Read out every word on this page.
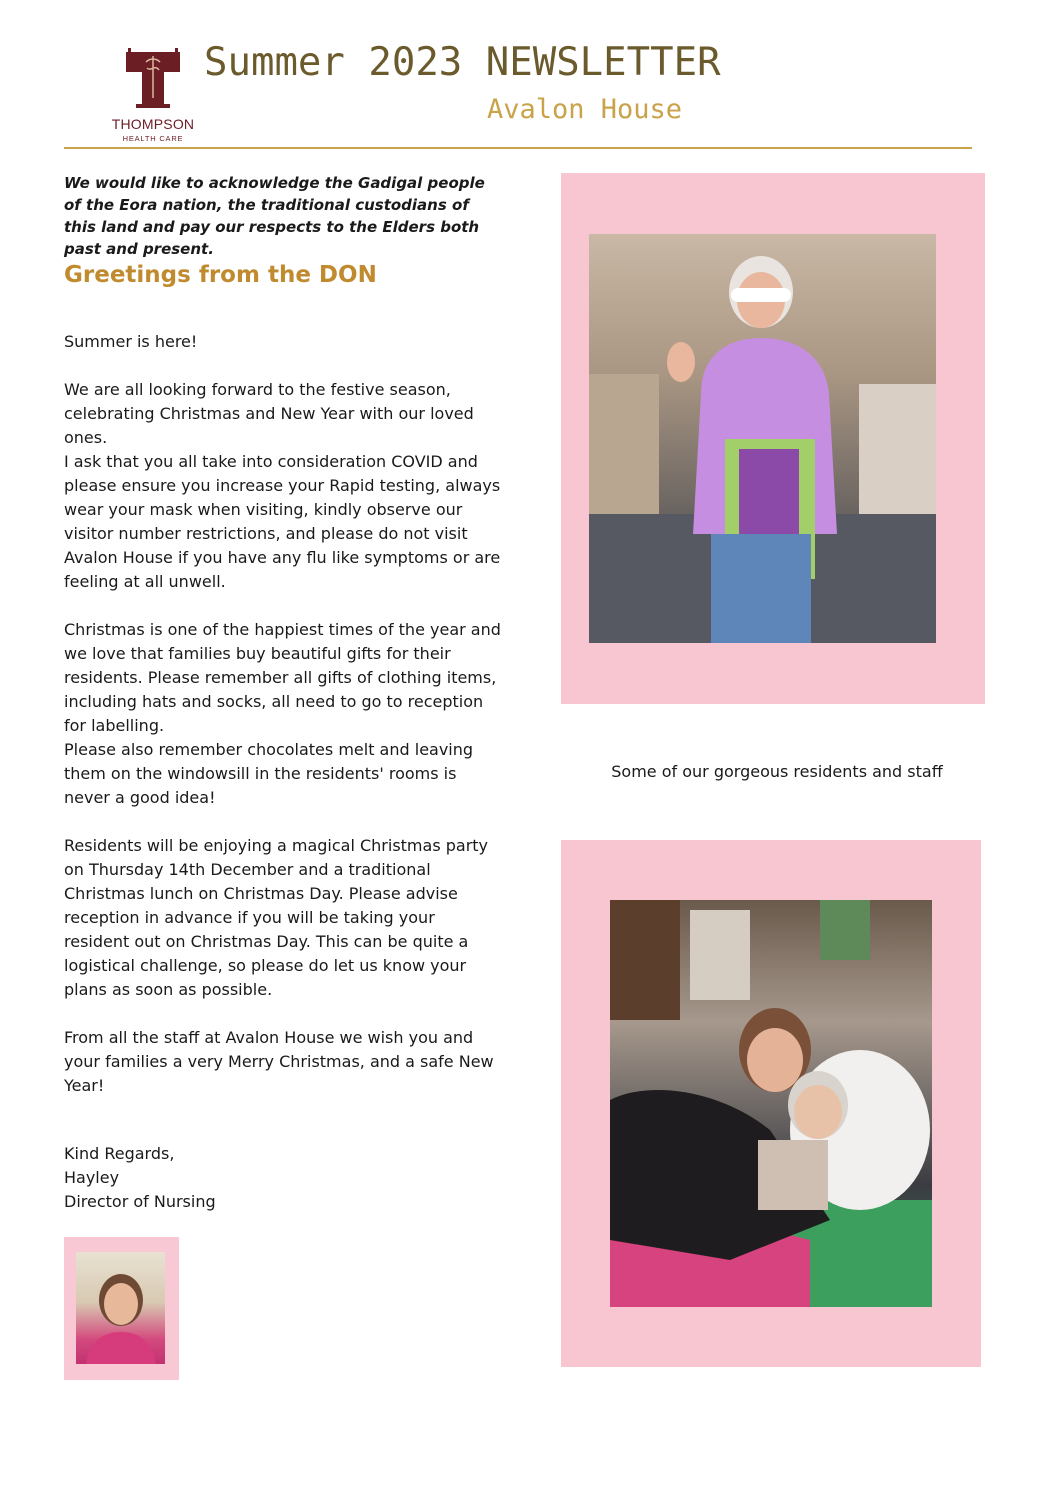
THOMPSON
HEALTH CARE
Summer 2023 NEWSLETTER
Avalon House

We would like to acknowledge the Gadigal people of the Eora nation, the traditional custodians of this land and pay our respects to the Elders both past and present.

Greetings from the DON

Summer is here!

We are all looking forward to the festive season, celebrating Christmas and New Year with our loved ones.
I ask that you all take into consideration COVID and please ensure you increase your Rapid testing, always wear your mask when visiting, kindly observe our visitor number restrictions, and please do not visit Avalon House if you have any flu like symptoms or are feeling at all unwell.

Christmas is one of the happiest times of the year and we love that families buy beautiful gifts for their residents. Please remember all gifts of clothing items, including hats and socks, all need to go to reception for labelling.
Please also remember chocolates melt and leaving them on the windowsill in the residents' rooms is never a good idea!

Residents will be enjoying a magical Christmas party on Thursday 14th December and a traditional Christmas lunch on Christmas Day. Please advise reception in advance if you will be taking your resident out on Christmas Day. This can be quite a logistical challenge, so please do let us know your plans as soon as possible.

From all the staff at Avalon House we wish you and your families a very Merry Christmas, and a safe New Year!

Kind Regards,
Hayley
Director of Nursing
Some of our gorgeous residents and staff
